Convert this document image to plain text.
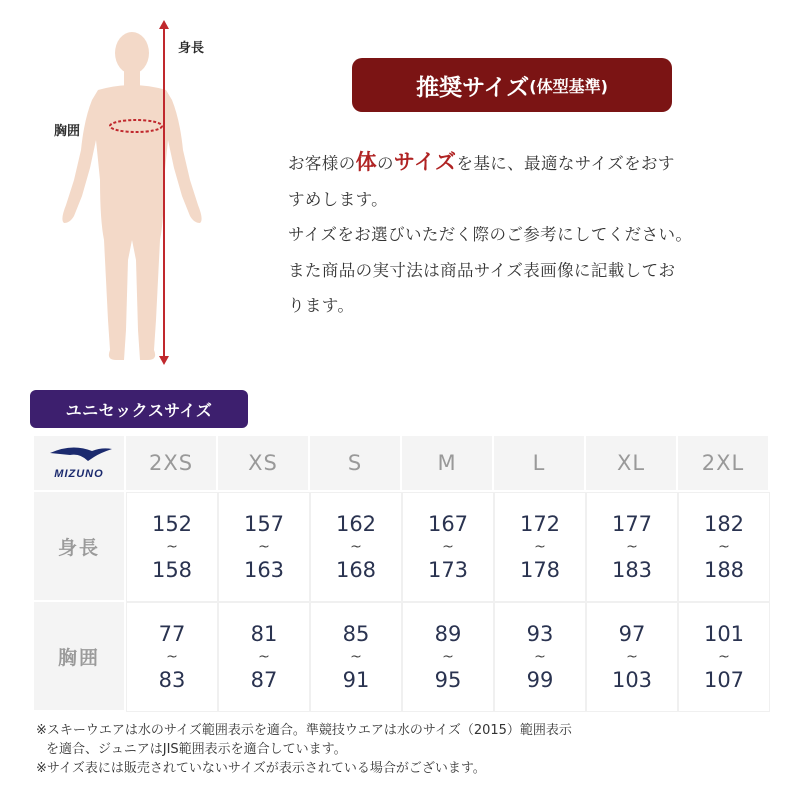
身長
胸囲
推奨サイズ (体型基準)
お客様の体のサイズを基に、最適なサイズをおす
すめします。
サイズをお選びいただく際のご参考にしてください。
また商品の実寸法は商品サイズ表画像に記載してお
ります。
ユニセックスサイズ
MIZUNO	2XS	XS	S	M	L	XL	2XL
身長	152
~
158	157
~
163	162
~
168	167
~
173	172
~
178	177
~
183	182
~
188
胸囲	77
~
83	81
~
87	85
~
91	89
~
95	93
~
99	97
~
103	101
~
107
※スキーウエアは水のサイズ範囲表示を適合。準競技ウエアは水のサイズ（2015）範囲表示
を適合、ジュニアはJIS範囲表示を適合しています。
※サイズ表には販売されていないサイズが表示されている場合がございます。
